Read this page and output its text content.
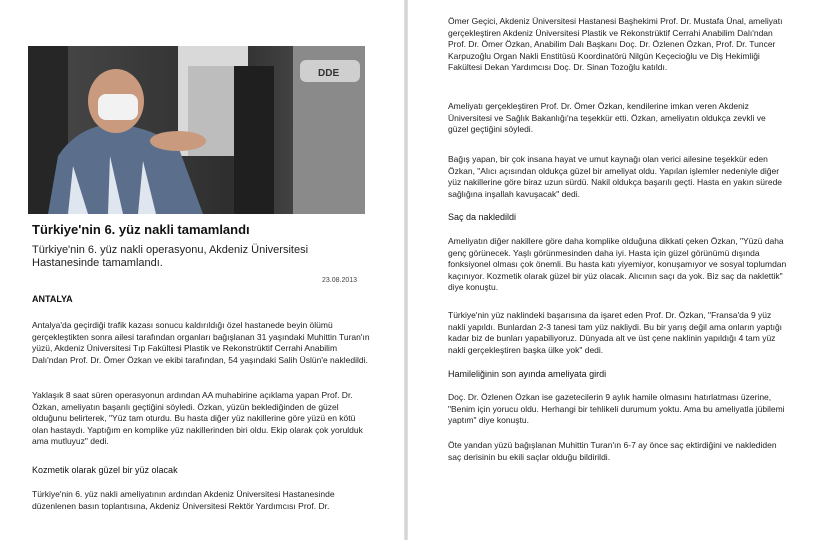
DDE
Türkiye'nin 6. yüz nakli tamamlandı

Türkiye'nin 6. yüz nakli operasyonu, Akdeniz Üniversitesi Hastanesinde tamamlandı.

23.08.2013
ANTALYA

Antalya'da geçirdiği trafik kazası sonucu kaldırıldığı özel hastanede beyin ölümü gerçekleştikten sonra ailesi tarafından organları bağışlanan 31 yaşındaki Muhittin Turan'ın yüzü, Akdeniz Üniversitesi Tıp Fakültesi Plastik ve Rekonstrüktif Cerrahi Anabilim Dalı'ndan Prof. Dr. Ömer Özkan ve ekibi tarafından, 54 yaşındaki Salih Üslün'e nakledildi.

Yaklaşık 8 saat süren operasyonun ardından AA muhabirine açıklama yapan Prof. Dr. Özkan, ameliyatın başarılı geçtiğini söyledi. Özkan, yüzün beklediğinden de güzel olduğunu belirterek, "Yüz tam oturdu. Bu hasta diğer yüz nakillerine göre yüzü en kötü olan hastaydı. Yaptığım en komplike yüz nakillerinden biri oldu. Ekip olarak çok yorulduk ama mutluyuz" dedi.

Kozmetik olarak güzel bir yüz olacak

Türkiye'nin 6. yüz nakli ameliyatının ardından Akdeniz Üniversitesi Hastanesinde düzenlenen basın toplantısına, Akdeniz Üniversitesi Rektör Yardımcısı Prof. Dr.

Ömer Geçici, Akdeniz Üniversitesi Hastanesi Başhekimi Prof. Dr. Mustafa Ünal, ameliyatı gerçekleştiren Akdeniz Üniversitesi Plastik ve Rekonstrüktif Cerrahi Anabilim Dalı'ndan Prof. Dr. Ömer Özkan, Anabilim Dalı Başkanı Doç. Dr. Özlenen Özkan, Prof. Dr. Tuncer Karpuzoğlu Organ Nakli Enstitüsü Koordinatörü Nilgün Keçecioğlu ve Diş Hekimliği Fakültesi Dekan Yardımcısı Doç. Dr. Sinan Tozoğlu katıldı.

Ameliyatı gerçekleştiren Prof. Dr. Ömer Özkan, kendilerine imkan veren Akdeniz Üniversitesi ve Sağlık Bakanlığı'na teşekkür etti. Özkan, ameliyatın oldukça zevkli ve güzel geçtiğini söyledi.

Bağış yapan, bir çok insana hayat ve umut kaynağı olan verici ailesine teşekkür eden Özkan, "Alıcı açısından oldukça güzel bir ameliyat oldu. Yapılan işlemler nedeniyle diğer yüz nakillerine göre biraz uzun sürdü. Nakil oldukça başarılı geçti. Hasta en yakın sürede sağlığına inşallah kavuşacak" dedi.

Saç da nakledildi

Ameliyatın diğer nakillere göre daha komplike olduğuna dikkati çeken Özkan, "Yüzü daha genç görünecek. Yaşlı görünmesinden daha iyi. Hasta için güzel görünümü dışında fonksiyonel olması çok önemli. Bu hasta katı yiyemiyor, konuşamıyor ve sosyal toplumdan kaçınıyor. Kozmetik olarak güzel bir yüz olacak. Alıcının saçı da yok. Biz saç da naklettik" diye konuştu.

Türkiye'nin yüz naklindeki başarısına da işaret eden Prof. Dr. Özkan, "Fransa'da 9 yüz nakli yapıldı. Bunlardan 2-3 tanesi tam yüz nakliydi. Bu bir yarış değil ama onların yaptığı kadar biz de bunları yapabiliyoruz. Dünyada alt ve üst çene naklinin yapıldığı 4 tam yüz nakli gerçekleştiren başka ülke yok" dedi.

Hamileliğinin son ayında ameliyata girdi

Doç. Dr. Özlenen Özkan ise gazetecilerin 9 aylık hamile olmasını hatırlatması üzerine, "Benim için yorucu oldu. Herhangi bir tehlikeli durumum yoktu. Ama bu ameliyatla jübilemi yaptım" diye konuştu.

Öte yandan yüzü bağışlanan Muhittin Turan'ın 6-7 ay önce saç ektirdiğini ve naklediden saç derisinin bu ekili saçlar olduğu bildirildi.
